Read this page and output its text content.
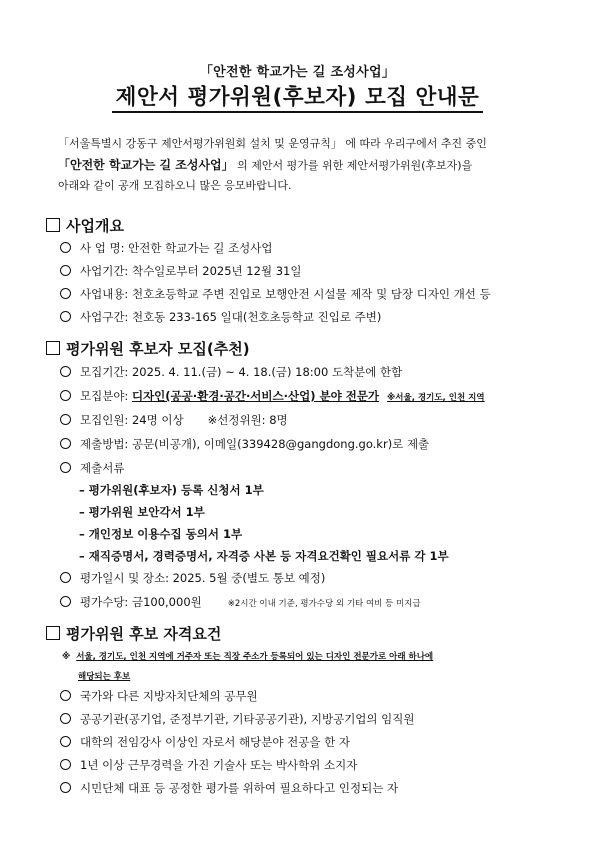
「안전한 학교가는 길 조성사업」
제안서 평가위원(후보자) 모집 안내문
「서울특별시 강동구 제안서평가위원회 설치 및 운영규칙」 에 따라 우리구에서 추진 중인
「안전한 학교가는 길 조성사업」 의 제안서 평가를 위한 제안서평가위원(후보자)을
아래와 같이 공개 모집하오니 많은 응모바랍니다.
사업개요
사 업 명: 안전한 학교가는 길 조성사업
사업기간: 착수일로부터 2025년 12월 31일
사업내용: 천호초등학교 주변 진입로 보행안전 시설물 제작 및 담장 디자인 개선 등
사업구간: 천호동 233-165 일대(천호초등학교 진입로 주변)
평가위원 후보자 모집(추천)
모집기간: 2025. 4. 11.(금) ~ 4. 18.(금) 18:00 도착분에 한함
모집분야: 디자인(공공·환경·공간·서비스·산업) 분야 전문가 ※서울, 경기도, 인천 지역
모집인원: 24명 이상 ※선정위원: 8명
제출방법: 공문(비공개), 이메일(339428@gangdong.go.kr)로 제출
제출서류
– 평가위원(후보자) 등록 신청서 1부
– 평가위원 보안각서 1부
– 개인정보 이용수집 동의서 1부
– 재직증명서, 경력증명서, 자격증 사본 등 자격요건확인 필요서류 각 1부
평가일시 및 장소: 2025. 5월 중(별도 통보 예정)
평가수당: 금100,000원	※2시간 이내 기준, 평가수당 외 기타 여비 등 미지급
평가위원 후보 자격요건
※ 서울, 경기도, 인천 지역에 거주자 또는 직장 주소가 등록되어 있는 디자인 전문가로 아래 하나에
해당되는 후보
국가와 다른 지방자치단체의 공무원
공공기관(공기업, 준정부기관, 기타공공기관), 지방공기업의 임직원
대학의 전임강사 이상인 자로서 해당분야 전공을 한 자
1년 이상 근무경력을 가진 기술사 또는 박사학위 소지자
시민단체 대표 등 공정한 평가를 위하여 필요하다고 인정되는 자
